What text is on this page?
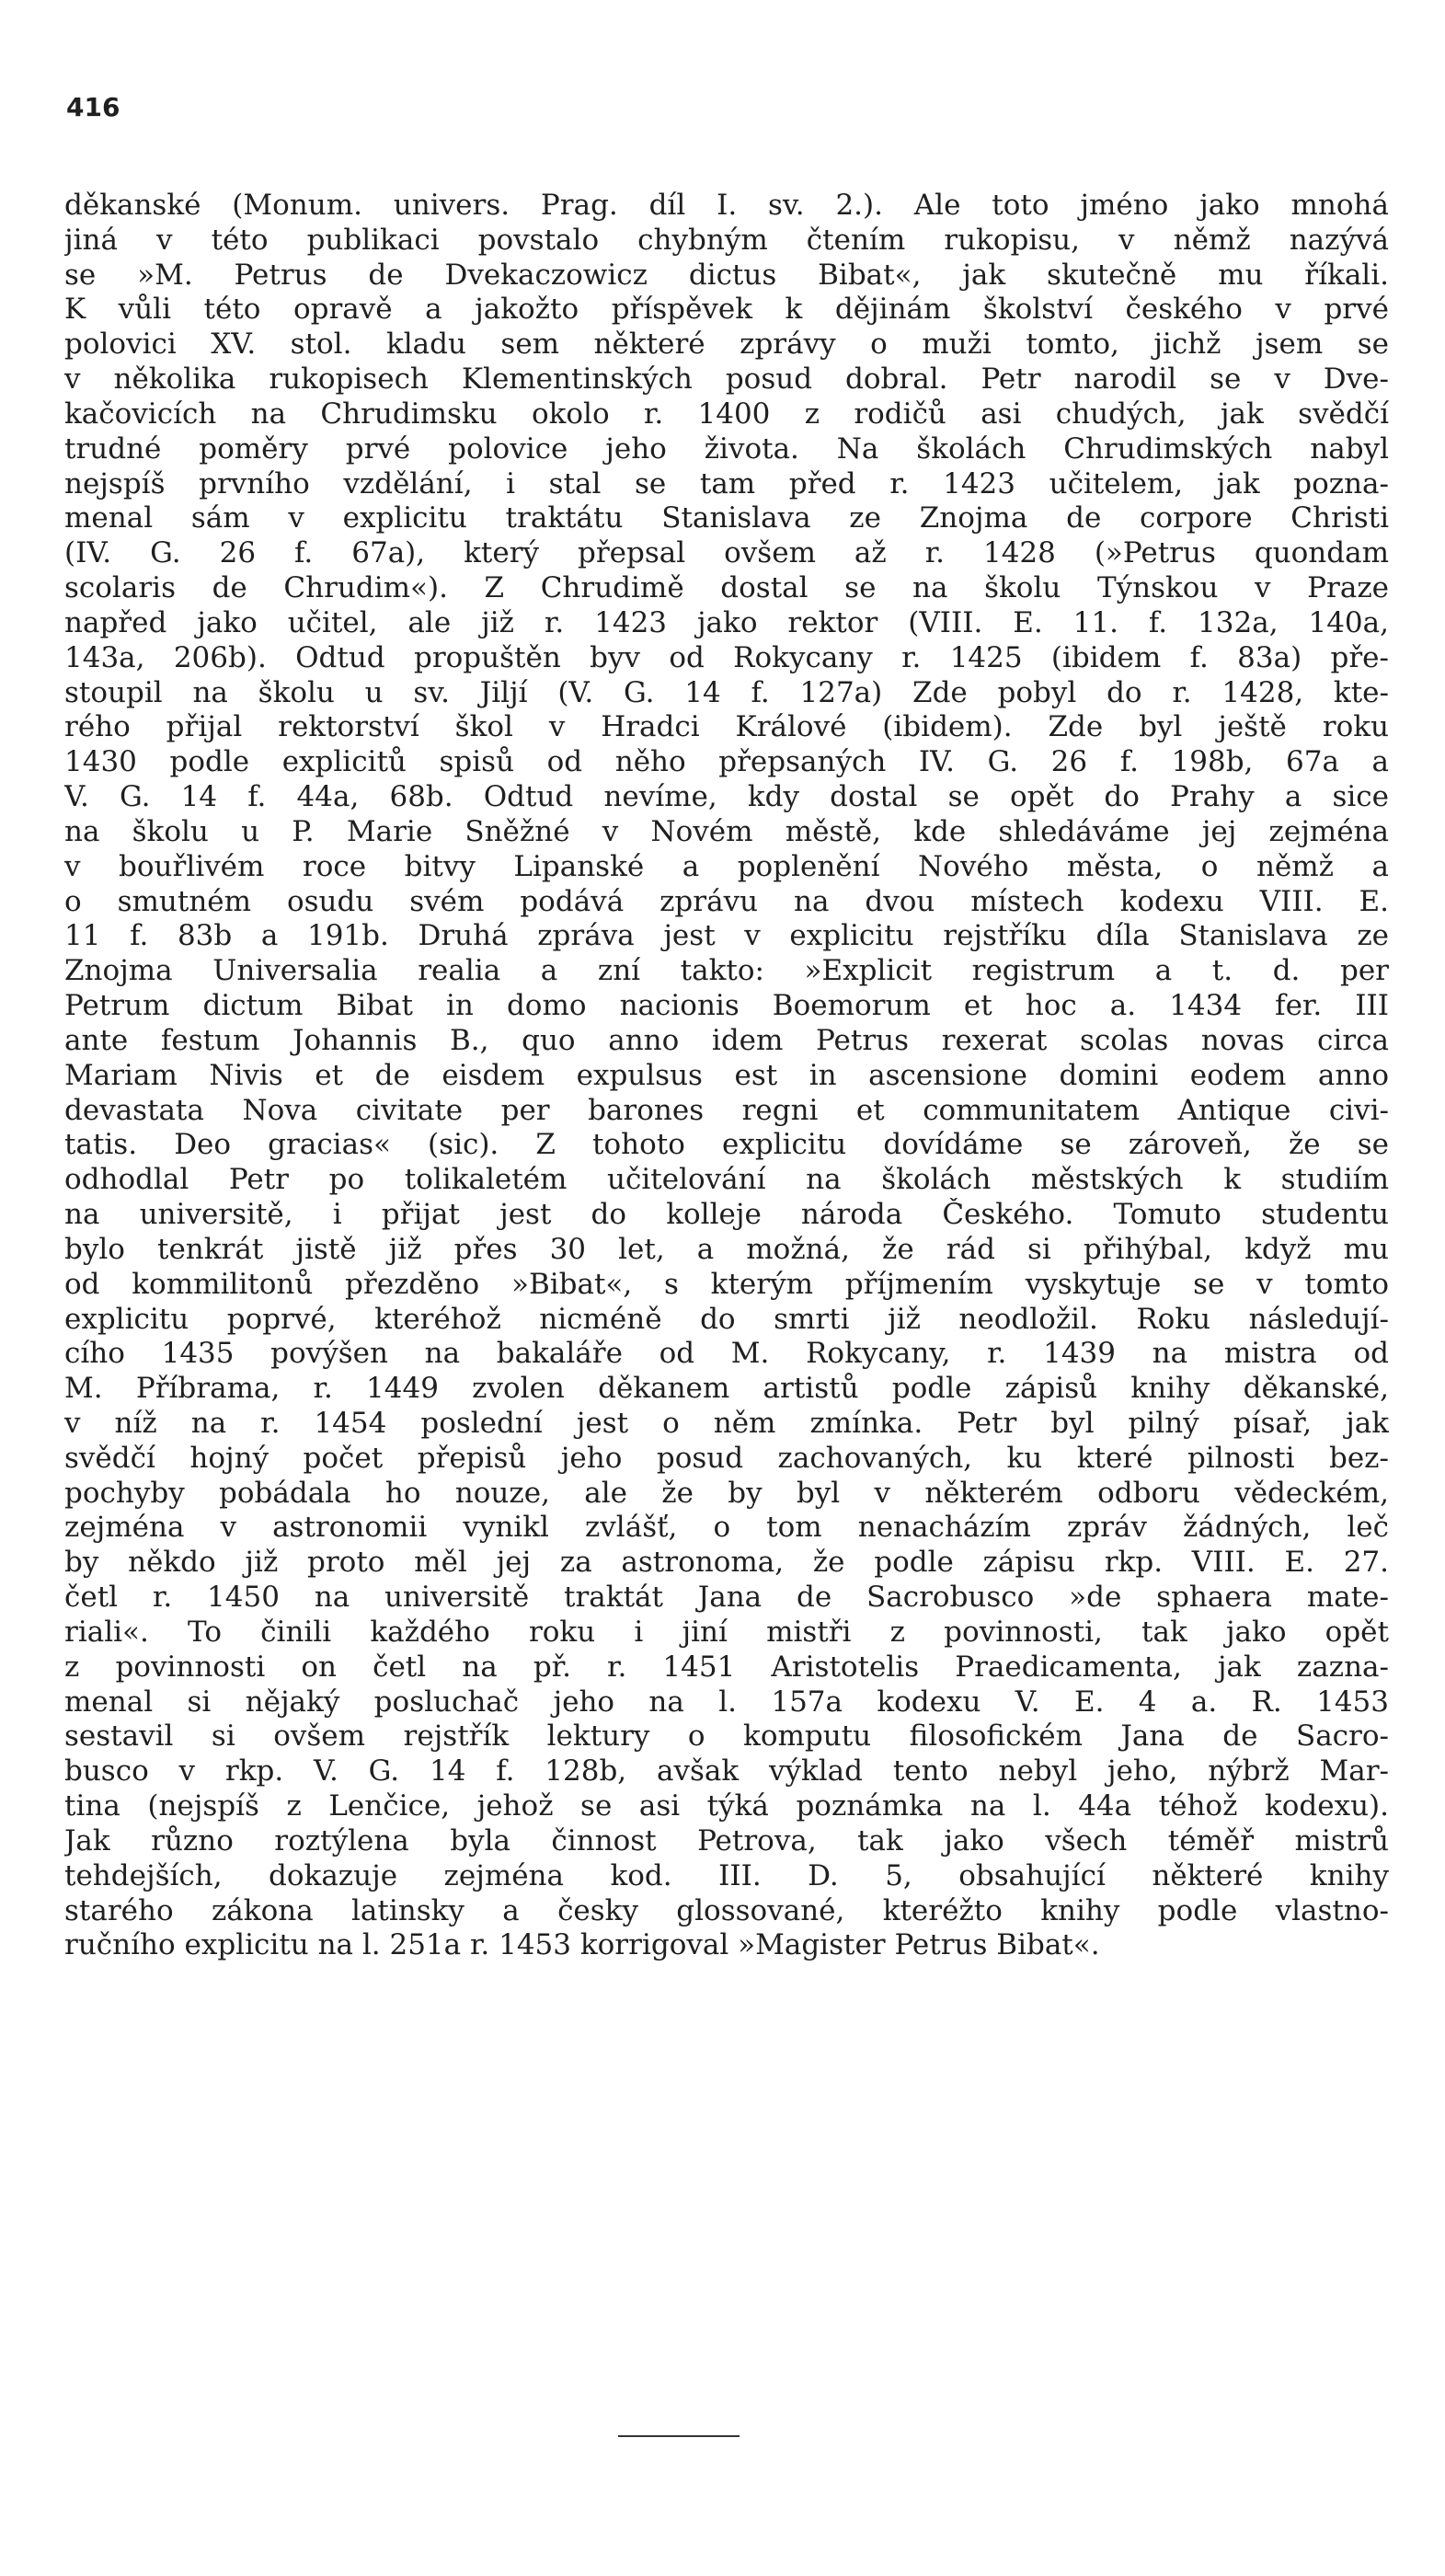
416
děkanské (Monum. univers. Prag. díl I. sv. 2.). Ale toto jméno jako mnohá
jiná v této publikaci povstalo chybným čtením rukopisu, v němž nazývá
se »M. Petrus de Dvekaczowicz dictus Bibat«, jak skutečně mu říkali.
K vůli této opravě a jakožto příspěvek k dějinám školství českého v prvé
polovici XV. stol. kladu sem některé zprávy o muži tomto, jichž jsem se
v několika rukopisech Klementinských posud dobral. Petr narodil se v Dve-
kačovicích na Chrudimsku okolo r. 1400 z rodičů asi chudých, jak svědčí
trudné poměry prvé polovice jeho života. Na školách Chrudimských nabyl
nejspíš prvního vzdělání, i stal se tam před r. 1423 učitelem, jak pozna-
menal sám v explicitu traktátu Stanislava ze Znojma de corpore Christi
(IV. G. 26 f. 67a), který přepsal ovšem až r. 1428 (»Petrus quondam
scolaris de Chrudim«). Z Chrudimě dostal se na školu Týnskou v Praze
napřed jako učitel, ale již r. 1423 jako rektor (VIII. E. 11. f. 132a, 140a,
143a, 206b). Odtud propuštěn byv od Rokycany r. 1425 (ibidem f. 83a) pře-
stoupil na školu u sv. Jiljí (V. G. 14 f. 127a) Zde pobyl do r. 1428, kte-
rého přijal rektorství škol v Hradci Králové (ibidem). Zde byl ještě roku
1430 podle explicitů spisů od něho přepsaných IV. G. 26 f. 198b, 67a a
V. G. 14 f. 44a, 68b. Odtud nevíme, kdy dostal se opět do Prahy a sice
na školu u P. Marie Sněžné v Novém městě, kde shledáváme jej zejména
v bouřlivém roce bitvy Lipanské a poplenění Nového města, o němž a
o smutném osudu svém podává zprávu na dvou místech kodexu VIII. E.
11 f. 83b a 191b. Druhá zpráva jest v explicitu rejstříku díla Stanislava ze
Znojma Universalia realia a zní takto: »Explicit registrum a t. d. per
Petrum dictum Bibat in domo nacionis Boemorum et hoc a. 1434 fer. III
ante festum Johannis B., quo anno idem Petrus rexerat scolas novas circa
Mariam Nivis et de eisdem expulsus est in ascensione domini eodem anno
devastata Nova civitate per barones regni et communitatem Antique civi-
tatis. Deo gracias« (sic). Z tohoto explicitu dovídáme se zároveň, že se
odhodlal Petr po tolikaletém učitelování na školách městských k studiím
na universitě, i přijat jest do kolleje národa Českého. Tomuto studentu
bylo tenkrát jistě již přes 30 let, a možná, že rád si přihýbal, když mu
od kommilitonů přezděno »Bibat«, s kterým příjmením vyskytuje se v tomto
explicitu poprvé, kteréhož nicméně do smrti již neodložil. Roku následují-
cího 1435 povýšen na bakaláře od M. Rokycany, r. 1439 na mistra od
M. Příbrama, r. 1449 zvolen děkanem artistů podle zápisů knihy děkanské,
v níž na r. 1454 poslední jest o něm zmínka. Petr byl pilný písař, jak
svědčí hojný počet přepisů jeho posud zachovaných, ku které pilnosti bez-
pochyby pobádala ho nouze, ale že by byl v některém odboru vědeckém,
zejména v astronomii vynikl zvlášť, o tom nenacházím zpráv žádných, leč
by někdo již proto měl jej za astronoma, že podle zápisu rkp. VIII. E. 27.
četl r. 1450 na universitě traktát Jana de Sacrobusco »de sphaera mate-
riali«. To činili každého roku i jiní mistři z povinnosti, tak jako opět
z povinnosti on četl na př. r. 1451 Aristotelis Praedicamenta, jak zazna-
menal si nějaký posluchač jeho na l. 157a kodexu V. E. 4 a. R. 1453
sestavil si ovšem rejstřík lektury o komputu filosofickém Jana de Sacro-
busco v rkp. V. G. 14 f. 128b, avšak výklad tento nebyl jeho, nýbrž Mar-
tina (nejspíš z Lenčice, jehož se asi týká poznámka na l. 44a téhož kodexu).
Jak různo roztýlena byla činnost Petrova, tak jako všech téměř mistrů
tehdejších, dokazuje zejména kod. III. D. 5, obsahující některé knihy
starého zákona latinsky a česky glossované, kteréžto knihy podle vlastno-
ručního explicitu na l. 251a r. 1453 korrigoval »Magister Petrus Bibat«.
